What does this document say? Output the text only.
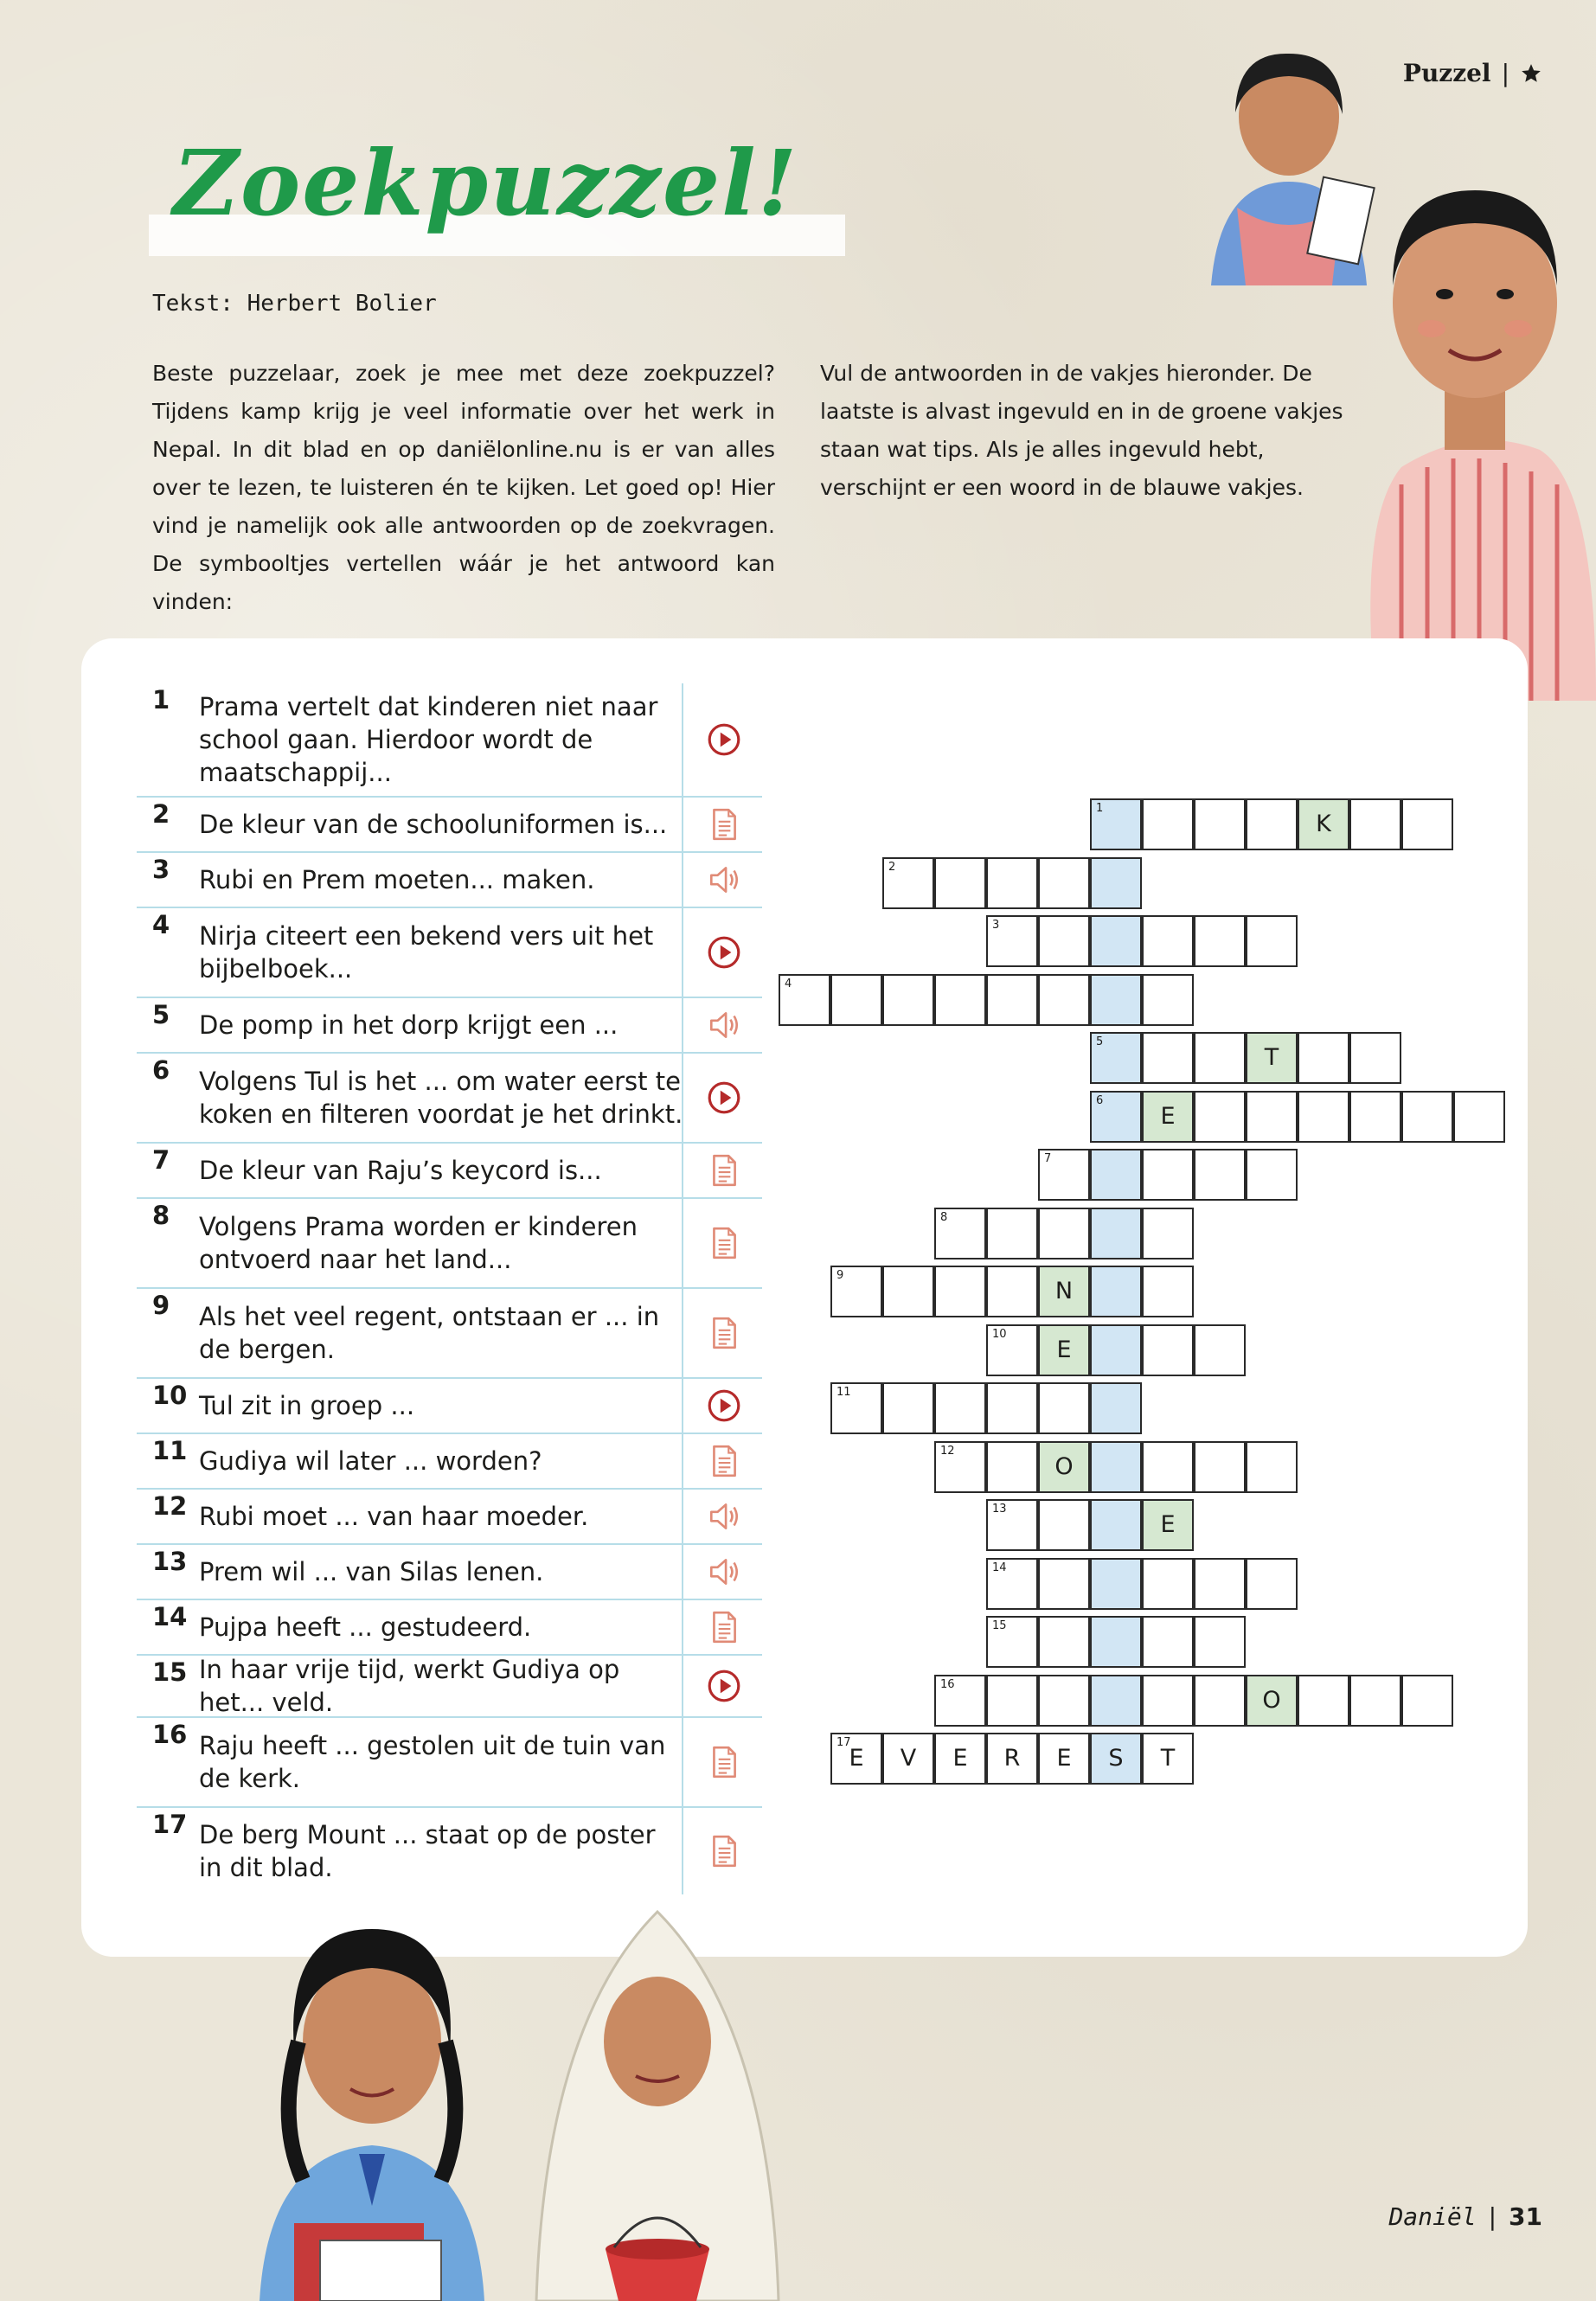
Puzzel |
Zoekpuzzel!
Tekst: Herbert Bolier

Beste puzzelaar, zoek je mee met deze zoekpuzzel? Tijdens kamp krijg je veel informatie over het werk in Nepal. In dit blad en op daniëlonline.nu is er van alles over te lezen, te luisteren én te kijken. Let goed op! Hier vind je namelijk ook alle antwoorden op de zoekvragen. De symbooltjes vertellen wáár je het antwoord kan vinden:

Vul de antwoorden in de vakjes hieronder. De laatste is alvast ingevuld en in de groene vakjes staan wat tips. Als je alles ingevuld hebt, verschijnt er een woord in de blauwe vakjes.

1	Prama vertelt dat kinderen niet naar school gaan. Hierdoor wordt de maatschappij...
2	De kleur van de schooluniformen is...
3	Rubi en Prem moeten... maken.
4	Nirja citeert een bekend vers uit het bijbelboek...
5	De pomp in het dorp krijgt een ...
6	Volgens Tul is het ... om water eerst te koken en filteren voordat je het drinkt.
7	De kleur van Raju’s keycord is...
8	Volgens Prama worden er kinderen ontvoerd naar het land...
9	Als het veel regent, ontstaan er ... in de bergen.
10 Tul zit in groep ...
11 Gudiya wil later ... worden?
12 Rubi moet ... van haar moeder.
13 Prem wil ... van Silas lenen.
14 Pujpa heeft ... gestudeerd.
15 In haar vrije tijd, werkt Gudiya op het... veld.
16 Raju heeft ... gestolen uit de tuin van de kerk.
17 De berg Mount ... staat op de poster in dit blad.
1
K
2
3
4
5
T
6
E
7
8
9
N
10
E
11
12
O
13
E
14
15
16
O
17
E	V	E	R	E	S	T
Daniël | 31
